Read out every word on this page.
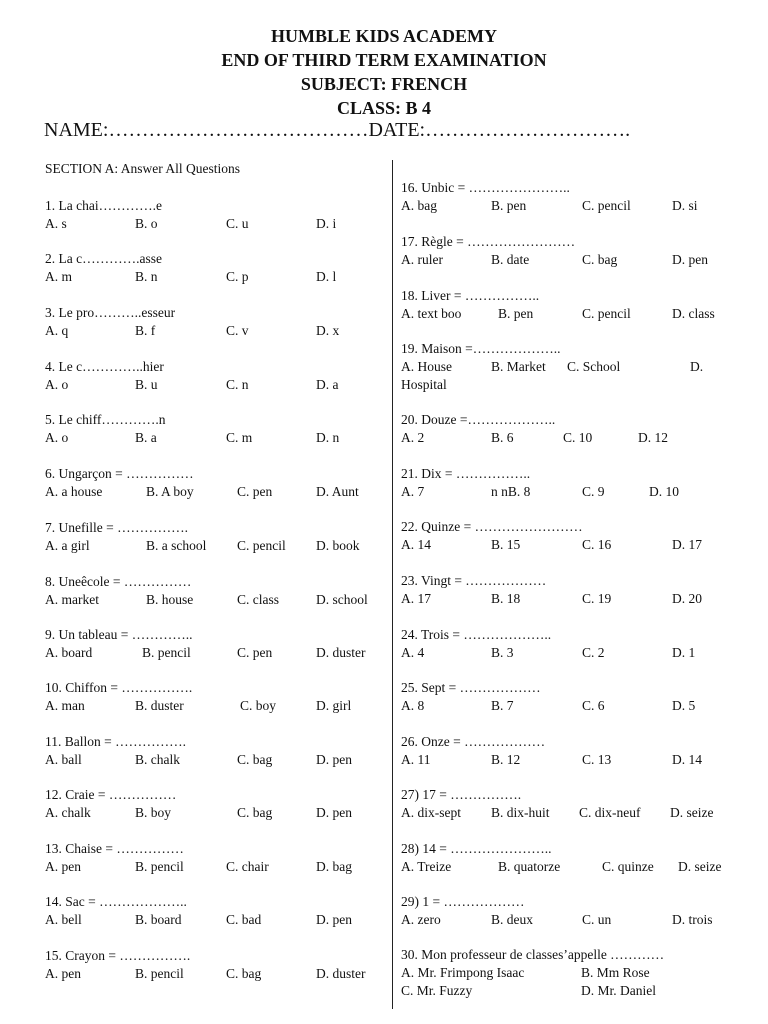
HUMBLE KIDS ACADEMY
END OF THIRD TERM EXAMINATION
SUBJECT: FRENCH
CLASS: B 4
NAME:…………………………………DATE:………………………….
SECTION A: Answer All Questions
1. La chai………….e
A. s	B. o	C. u	D. i
2. La c………….asse
A. m	B. n	C. p	D. l
3. Le pro………..esseur
A. q	B. f	C. v	D. x
4. Le c…………..hier
A. o	B. u	C. n	D. a
5. Le chiff………….n
A. o	B. a	C. m	D. n
6. Ungarçon = ……………
A. a house	B. A boy	C. pen	D. Aunt
7. Unefille = …………….
A. a girl	B. a school C. pencil D. book
8. Uneêcole = ……………
A. market	B. house	C. class	D. school
9. Un tableau = …………..
A. board	B. pencil	C. pen	D. duster
10. Chiffon = …………….
A. man	B. duster	C. boy	D. girl
11. Ballon = …………….
A. ball	B. chalk	C. bag	D. pen
12. Craie = ……………
A. chalk	B. boy	C. bag	D. pen
13. Chaise = ……………
A. pen	B. pencil	C. chair	D. bag
14. Sac = ………………..
A. bell	B. board	C. bad	D. pen
15. Crayon = …………….
A. pen	B. pencil	C. bag	D. duster
16. Unbic = …………………..
A. bag	B. pen	C. pencil	D. si
17. Règle = ……………………
A. ruler	B. date	C. bag	D. pen
18. Liver = ……………..
A. text boo	B. pen	C. pencil	D. class
19. Maison =………………..
A. House	B. Market C. School	D.
Hospital
20. Douze =………………..
A. 2	B. 6	C. 10	D. 12
21. Dix = ……………..
A. 7	n nB. 8	C. 9	D. 10
22. Quinze = ……………………
A. 14	B. 15	C. 16	D. 17
23. Vingt = ………………
A. 17	B. 18	C. 19	D. 20
24. Trois = ………………..
A. 4	B. 3	C. 2	D. 1
25. Sept = ………………
A. 8	B. 7	C. 6	D. 5
26. Onze = ………………
A. 11	B. 12	C. 13	D. 14
27) 17 = …………….
A. dix-sept B. dix-huit C. dix-neuf D. seize
28) 14 = …………………..
A. Treize	B. quatorze	C. quinze D. seize
29) 1 = ………………
A. zero	B. deux	C. un	D. trois
30. Mon professeur de classes’appelle …………
A. Mr. Frimpong Isaac	B. Mm Rose
C. Mr. Fuzzy	D. Mr. Daniel
